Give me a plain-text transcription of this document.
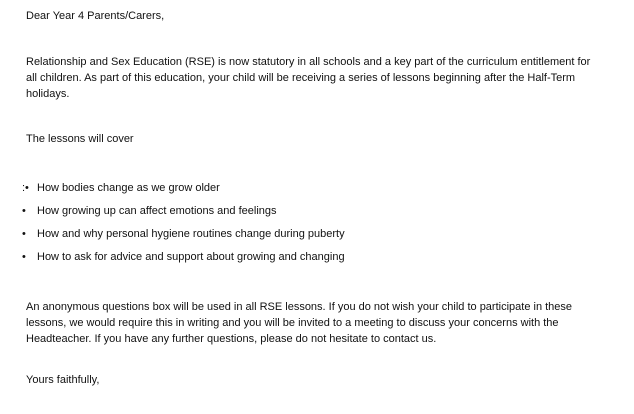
Dear Year 4 Parents/Carers,

Relationship and Sex Education (RSE) is now statutory in all schools and a key part of the curriculum entitlement for
all children. As part of this education, your child will be receiving a series of lessons beginning after the Half-Term
holidays.

The lessons will cover

:• How bodies change as we grow older
•	How growing up can affect emotions and feelings
•	How and why personal hygiene routines change during puberty
•	How to ask for advice and support about growing and changing

An anonymous questions box will be used in all RSE lessons. If you do not wish your child to participate in these
lessons, we would require this in writing and you will be invited to a meeting to discuss your concerns with the
Headteacher. If you have any further questions, please do not hesitate to contact us.

Yours faithfully,
